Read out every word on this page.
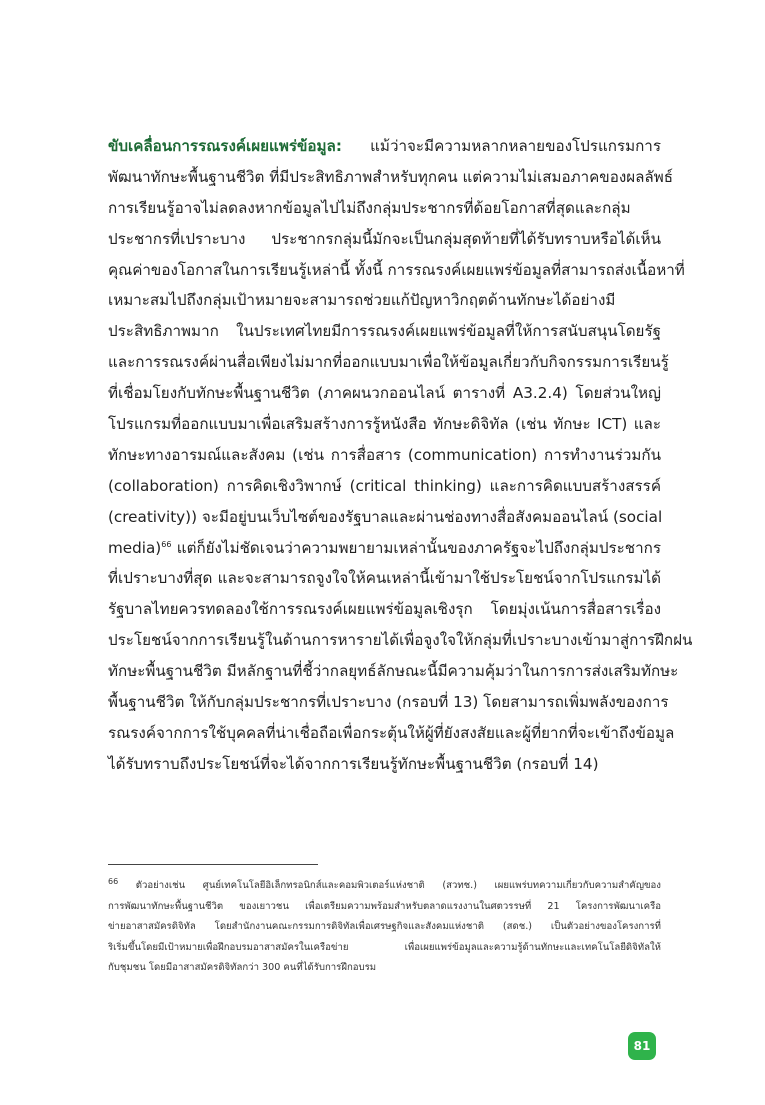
ขับเคลื่อนการรณรงค์เผยแพร่ข้อมูล: แม้ว่าจะมีความหลากหลายของโปรแกรมการ
พัฒนาทักษะพื้นฐานชีวิต ที่มีประสิทธิภาพสำหรับทุกคน แต่ความไม่เสมอภาคของผลลัพธ์
การเรียนรู้อาจไม่ลดลงหากข้อมูลไปไม่ถึงกลุ่มประชากรที่ด้อยโอกาสที่สุดและกลุ่ม
ประชากรที่เปราะบาง ประชากรกลุ่มนี้มักจะเป็นกลุ่มสุดท้ายที่ได้รับทราบหรือได้เห็น
คุณค่าของโอกาสในการเรียนรู้เหล่านี้ ทั้งนี้ การรณรงค์เผยแพร่ข้อมูลที่สามารถส่งเนื้อหาที่
เหมาะสมไปถึงกลุ่มเป้าหมายจะสามารถช่วยแก้ปัญหาวิกฤตด้านทักษะได้อย่างมี
ประสิทธิภาพมาก ในประเทศไทยมีการรณรงค์เผยแพร่ข้อมูลที่ให้การสนับสนุนโดยรัฐ
และการรณรงค์ผ่านสื่อเพียงไม่มากที่ออกแบบมาเพื่อให้ข้อมูลเกี่ยวกับกิจกรรมการเรียนรู้
ที่เชื่อมโยงกับทักษะพื้นฐานชีวิต (ภาคผนวกออนไลน์ ตารางที่ A3.2.4) โดยส่วนใหญ่
โปรแกรมที่ออกแบบมาเพื่อเสริมสร้างการรู้หนังสือ ทักษะดิจิทัล (เช่น ทักษะ ICT) และ
ทักษะทางอารมณ์และสังคม (เช่น การสื่อสาร (communication) การทำงานร่วมกัน
(collaboration) การคิดเชิงวิพากษ์ (critical thinking) และการคิดแบบสร้างสรรค์
(creativity)) จะมีอยู่บนเว็บไซต์ของรัฐบาลและผ่านช่องทางสื่อสังคมออนไลน์ (social
media)$^{66}$ แต่ก็ยังไม่ชัดเจนว่าความพยายามเหล่านั้นของภาครัฐจะไปถึงกลุ่มประชากร
ที่เปราะบางที่สุด และจะสามารถจูงใจให้คนเหล่านี้เข้ามาใช้ประโยชน์จากโปรแกรมได้
รัฐบาลไทยควรทดลองใช้การรณรงค์เผยแพร่ข้อมูลเชิงรุก โดยมุ่งเน้นการสื่อสารเรื่อง
ประโยชน์จากการเรียนรู้ในด้านการหารายได้เพื่อจูงใจให้กลุ่มที่เปราะบางเข้ามาสู่การฝึกฝน
ทักษะพื้นฐานชีวิต มีหลักฐานที่ชี้ว่ากลยุทธ์ลักษณะนี้มีความคุ้มว่าในการการส่งเสริมทักษะ
พื้นฐานชีวิต ให้กับกลุ่มประชากรที่เปราะบาง (กรอบที่ 13) โดยสามารถเพิ่มพลังของการ
รณรงค์จากการใช้บุคคลที่น่าเชื่อถือเพื่อกระตุ้นให้ผู้ที่ยังสงสัยและผู้ที่ยากที่จะเข้าถึงข้อมูล
ได้รับทราบถึงประโยชน์ที่จะได้จากการเรียนรู้ทักษะพื้นฐานชีวิต (กรอบที่ 14)
$^{66}$ ตัวอย่างเช่น ศูนย์เทคโนโลยีอิเล็กทรอนิกส์และคอมพิวเตอร์แห่งชาติ (สวทช.) เผยแพร่บทความเกี่ยวกับความสำคัญของ
การพัฒนาทักษะพื้นฐานชีวิต ของเยาวชน เพื่อเตรียมความพร้อมสำหรับตลาดแรงงานในศตวรรษที่ 21 โครงการพัฒนาเครือ
ข่ายอาสาสมัครดิจิทัล โดยสำนักงานคณะกรรมการดิจิทัลเพื่อเศรษฐกิจและสังคมแห่งชาติ (สดช.) เป็นตัวอย่างของโครงการที่
ริเริ่มขึ้นโดยมีเป้าหมายเพื่อฝึกอบรมอาสาสมัครในเครือข่าย เพื่อเผยแพร่ข้อมูลและความรู้ด้านทักษะและเทคโนโลยีดิจิทัลให้
กับชุมชน โดยมีอาสาสมัครดิจิทัลกว่า 300 คนที่ได้รับการฝึกอบรม
81
